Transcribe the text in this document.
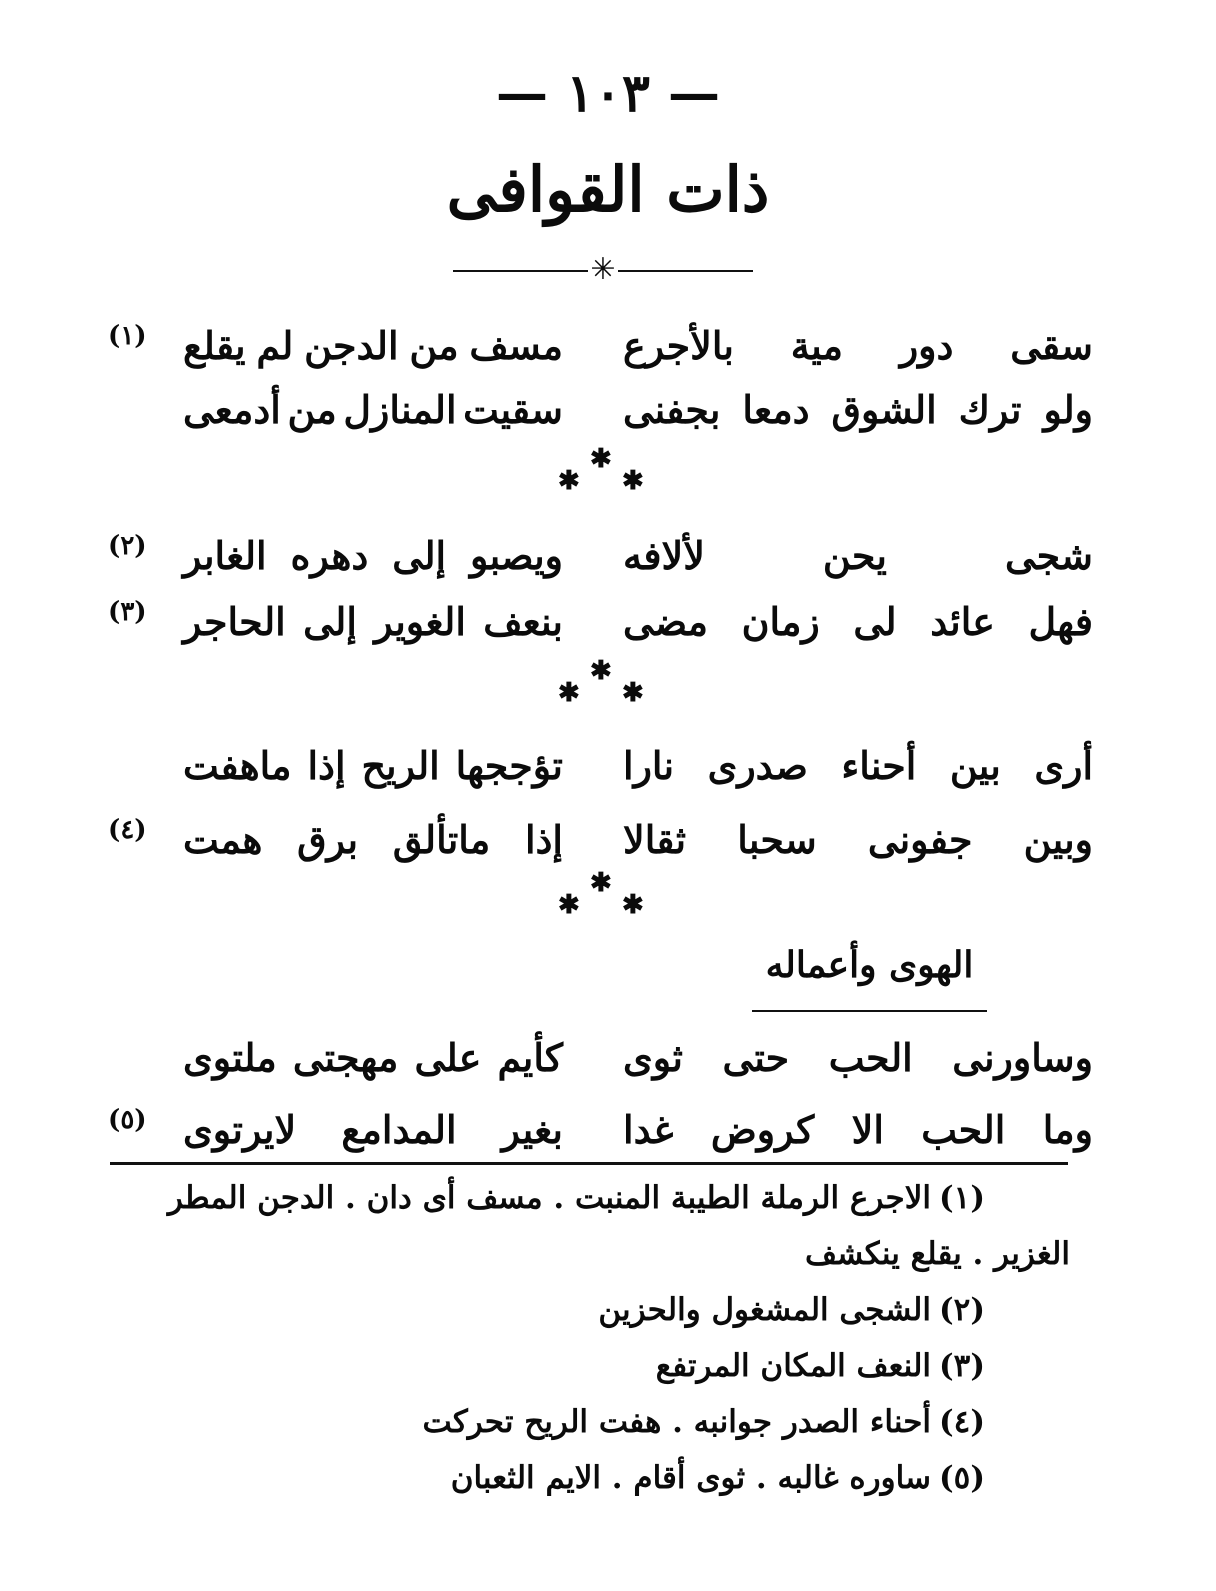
— ١٠٣ —
ذات القوافى
✳
سقى
دور
مية
بالأجرع
مسف
من
الدجن
لم
يقلع
(١)
ولو
ترك
الشوق
دمعا
بجفنى
سقيت
المنازل
من
أدمعى
✱
✱ ✱
شجى
يحن
لألافه
ويصبو
إلى
دهره
الغابر
(٢)
فهل
عائد
لى
زمان
مضى
بنعف
الغوير
إلى
الحاجر
(٣)
✱
✱ ✱
أرى
بين
أحناء
صدرى
نارا
تؤججها
الريح
إذا
ماهفت
وبين
جفونى
سحبا
ثقالا
إذا
ماتألق
برق
همت
(٤)
✱
✱ ✱
الهوى وأعماله
وساورنى
الحب
حتى
ثوى
كأيم
على
مهجتى
ملتوى
وما
الحب
الا
كروض
غدا
بغير
المدامع
لايرتوى
(٥)

(١)الاجرع الرملة الطيبة المنبت . مسف أى دان . الدجن المطر الغزير . يقلع ينكشف

(٢)الشجى المشغول والحزين

(٣)النعف المكان المرتفع

(٤)أحناء الصدر جوانبه . هفت الريح تحركت

(٥)ساوره غالبه . ثوى أقام . الايم الثعبان
